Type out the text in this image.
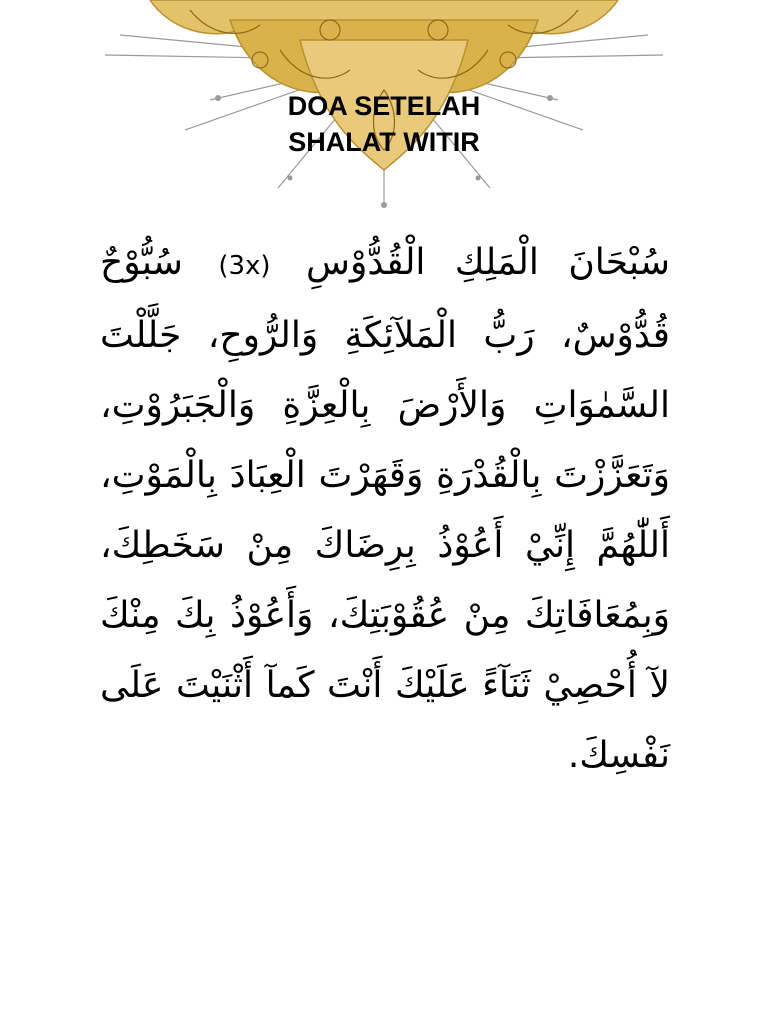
DOA SETELAH
SHALAT WITIR
سُبْحَانَ الْمَلِكِ الْقُدُّوْسِ (3x) سُبُّوْحٌ قُدُّوْسٌ، رَبُّ الْمَلآئِكَةِ وَالرُّوحِ، جَلَّلْتَ السَّمٰوَاتِ وَالأَرْضَ بِالْعِزَّةِ وَالْجَبَرُوْتِ، وَتَعَزَّزْتَ بِالْقُدْرَةِ وَقَهَرْتَ الْعِبَادَ بِالْمَوْتِ، أَللّٰهُمَّ إِنِّيْ أَعُوْذُ بِرِضَاكَ مِنْ سَخَطِكَ، وَبِمُعَافَاتِكَ مِنْ عُقُوْبَتِكَ، وَأَعُوْذُ بِكَ مِنْكَ لآ أُحْصِيْ ثَنَآءً عَلَيْكَ أَنْتَ كَمآ أَثْنَيْتَ عَلَى نَفْسِكَ.
